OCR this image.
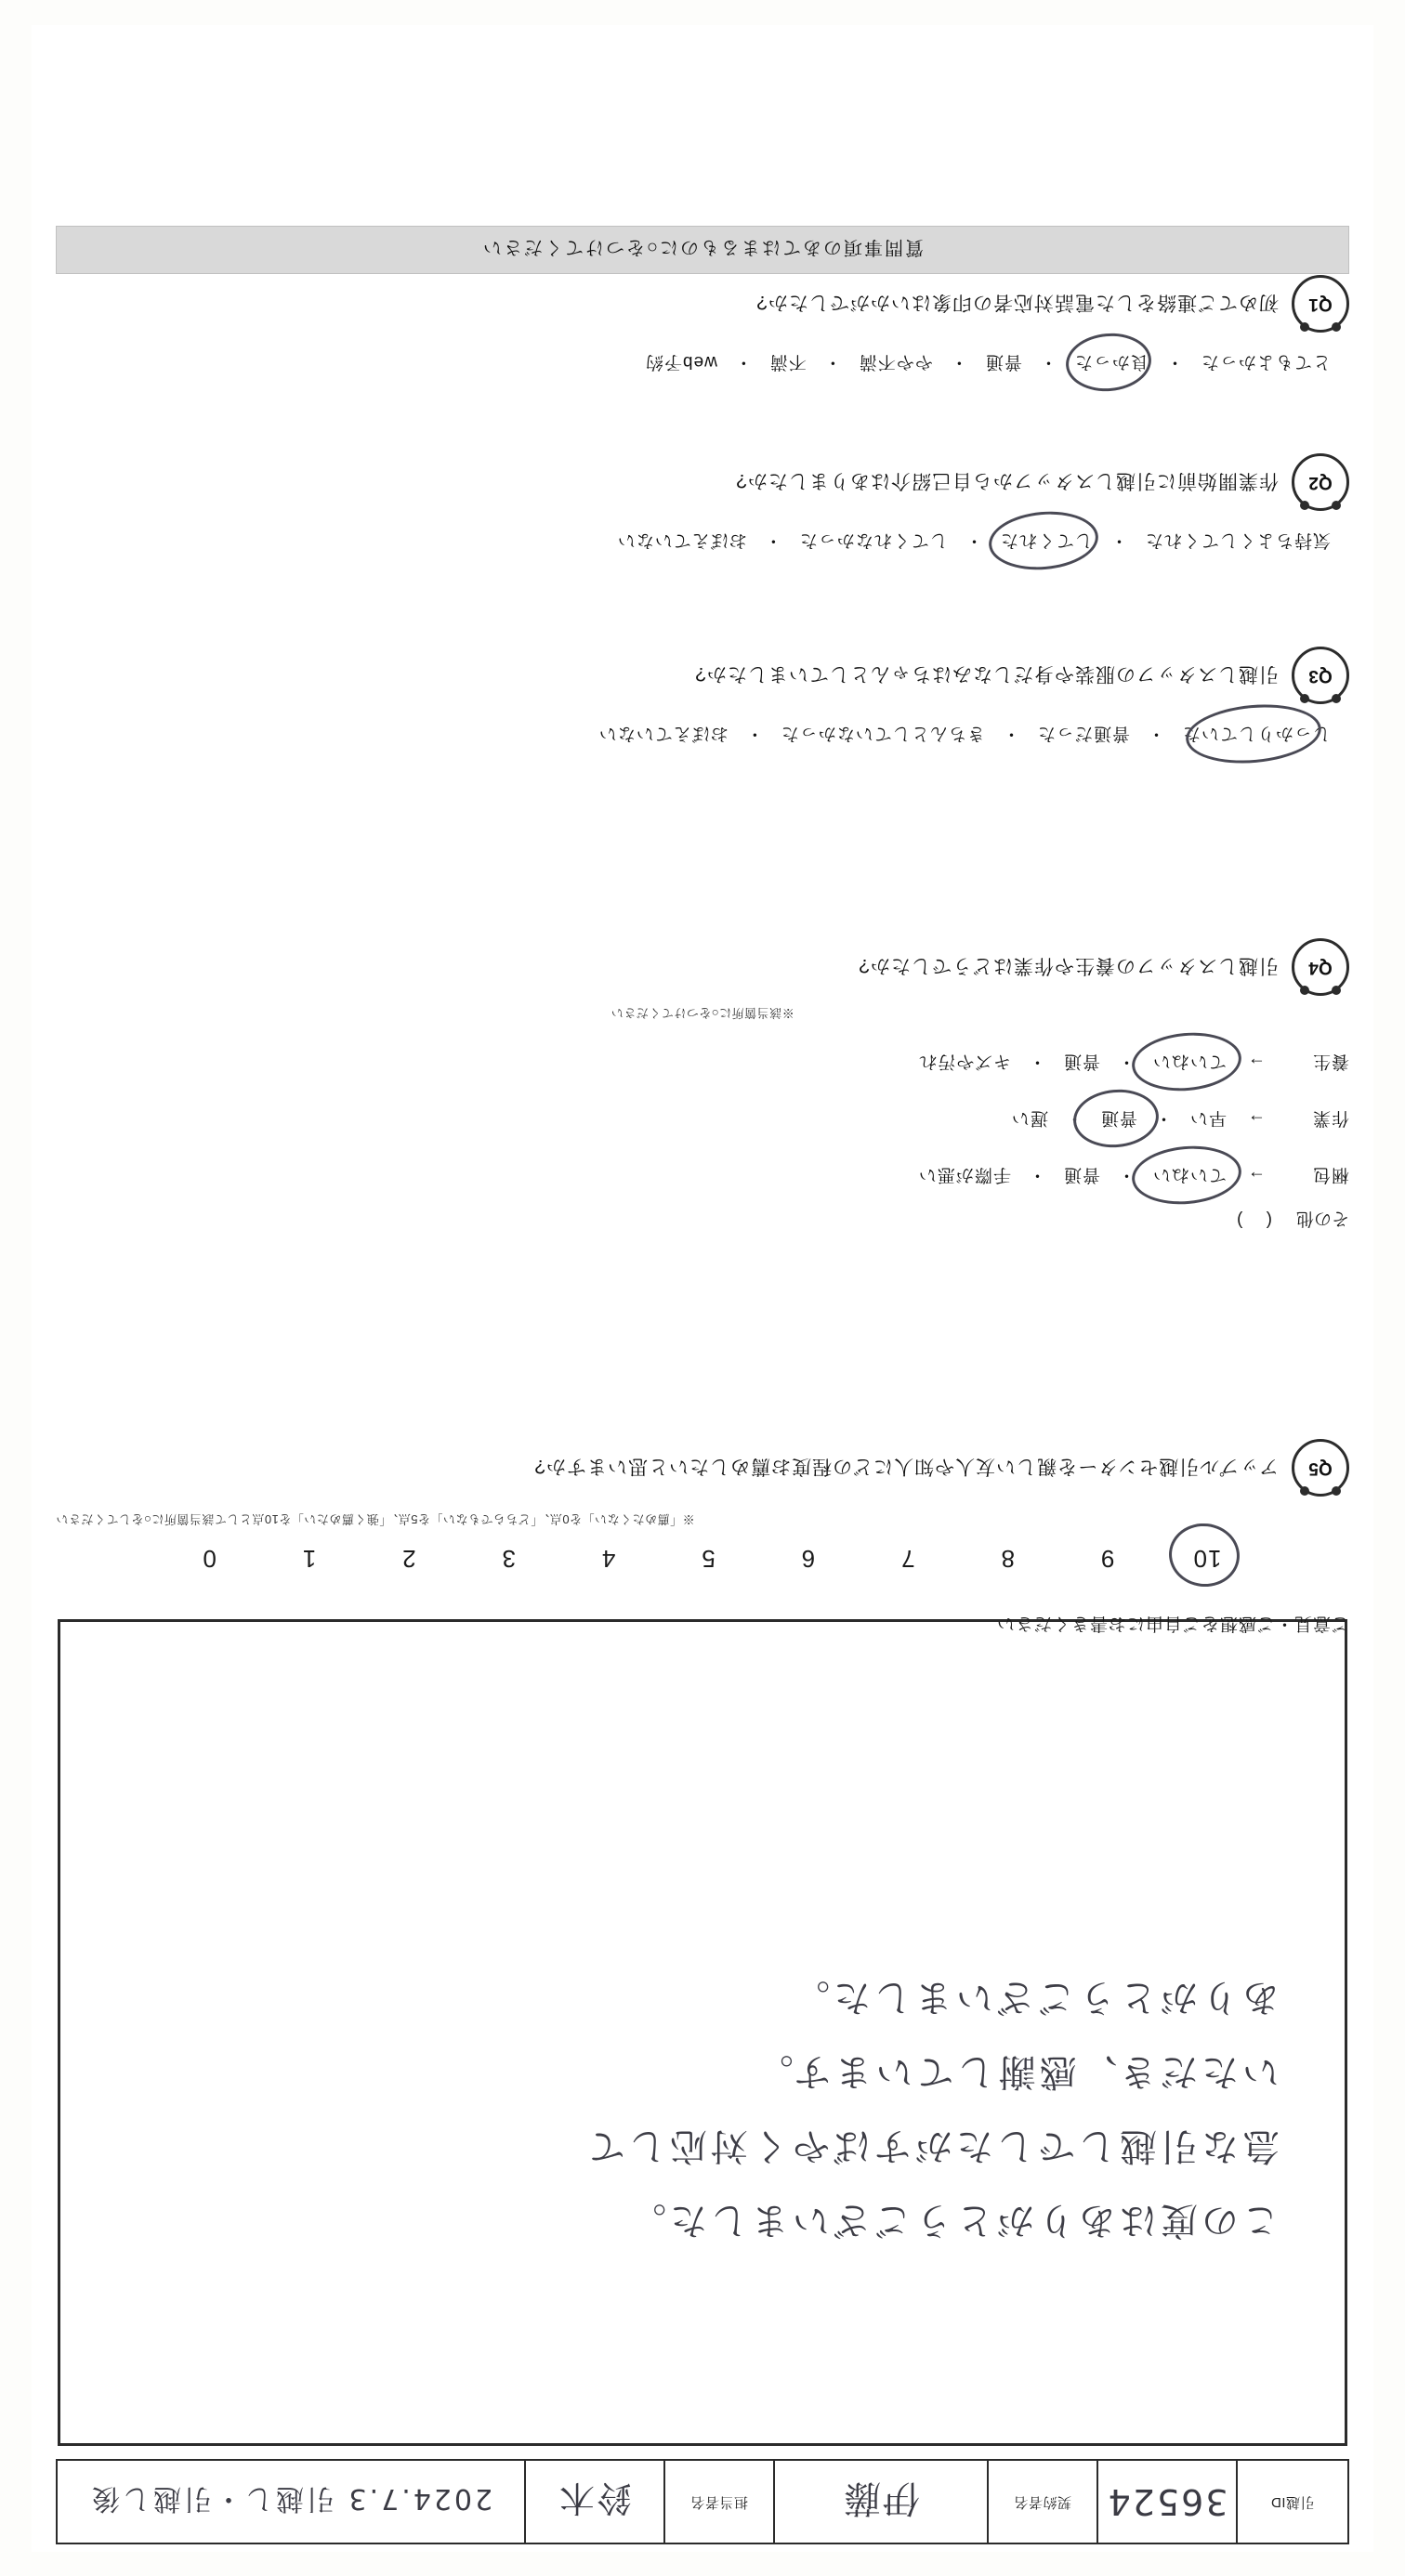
引越ID
36524
契約者名
伊藤
担当者名
鈴木
2024.7.3 引越し・引越し後
この度はありがとうございました。
急な引越しでしたがすばやく対応して
いただき、感謝しています。
ありがとうございました。
ご意見・ご感想をご自由にお書きください
10
9
8
7
6
5
4
3
2
1
0
※「薦めたくない」を0点、「どちらでもない」を5点、「強く薦めたい」を10点として該当箇所に○をしてください
Q5
アップル引越センターを親しい友人や知人にどの程度お薦めしたいと思いますか?
その他
( )
梱包
→
ていねい
・
普通
・
手際が悪い
作業
→
早い
・
普通
・
遅い
養生
→
ていねい
・
普通
・
キズや汚れ
※該当箇所に○をつけてください
Q4
引越しスタッフの養生や作業はどうでしたか?
しっかりしていた
・
普通だった
・
きちんとしていなかった
・
おぼえていない
Q3
引越しスタッフの服装や身だしなみはちゃんとしていましたか?
気持ちよくしてくれた
・
してくれた
・
してくれなかった
・
おぼえていない
Q2
作業開始前に引越しスタッフから自己紹介はありましたか?
とてもよかった
・
良かった
・
普通
・
やや不満
・
不満
・
web予約
Q1
初めてご連絡をした電話対応者の印象はいかがでしたか?
質問事項のあてはまるものに○をつけてください
